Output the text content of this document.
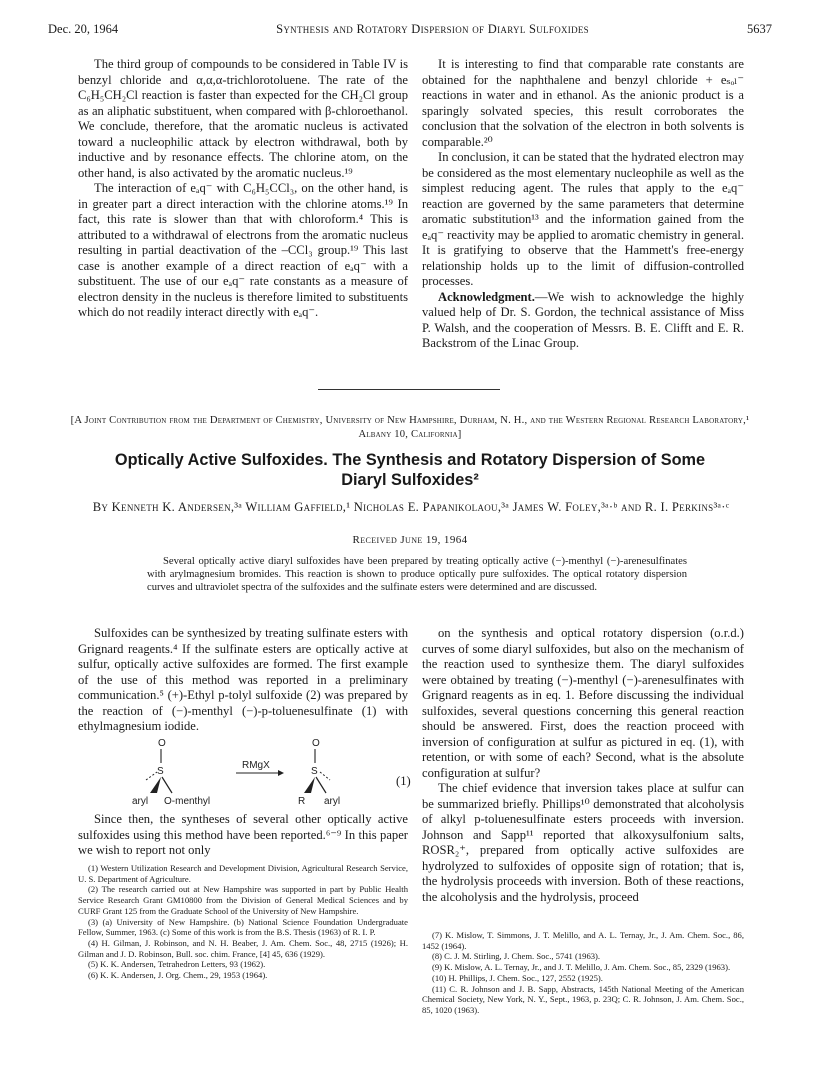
Dec. 20, 1964	Synthesis and Rotatory Dispersion of Diaryl Sulfoxides	5637

The third group of compounds to be considered in Table IV is benzyl chloride and α,α,α-trichlorotoluene. The rate of the C₆H₅CH₂Cl reaction is faster than expected for the CH₂Cl group as an aliphatic substituent, when compared with β-chloroethanol. We conclude, therefore, that the aromatic nucleus is activated toward a nucleophilic attack by electron withdrawal, both by inductive and by resonance effects. The chlorine atom, on the other hand, is also activated by the aromatic nucleus.¹⁹

The interaction of eₐq⁻ with C₆H₅CCl₃, on the other hand, is in greater part a direct interaction with the chlorine atoms.¹⁹ In fact, this rate is slower than that with chloroform.⁴ This is attributed to a withdrawal of electrons from the aromatic nucleus resulting in partial deactivation of the –CCl₃ group.¹⁹ This last case is another example of a direct reaction of eₐq⁻ with a substituent. The use of our eₐq⁻ rate constants as a measure of electron density in the nucleus is therefore limited to substituents which do not readily interact directly with eₐq⁻.

It is interesting to find that comparable rate constants are obtained for the naphthalene and benzyl chloride + eₛₒₗ⁻ reactions in water and in ethanol. As the anionic product is a sparingly solvated species, this result corroborates the conclusion that the solvation of the electron in both solvents is comparable.²⁰

In conclusion, it can be stated that the hydrated electron may be considered as the most elementary nucleophile as well as the simplest reducing agent. The rules that apply to the eₐq⁻ reaction are governed by the same parameters that determine aromatic substitution¹³ and the information gained from the eₐq⁻ reactivity may be applied to aromatic chemistry in general. It is gratifying to observe that the Hammett's free-energy relationship holds up to the limit of diffusion-controlled processes.

Acknowledgment.—We wish to acknowledge the highly valued help of Dr. S. Gordon, the technical assistance of Miss P. Walsh, and the cooperation of Messrs. B. E. Clifft and E. R. Backstrom of the Linac Group.

[A Joint Contribution from the Department of Chemistry, University of New Hampshire, Durham, N. H., and the Western Regional Research Laboratory,¹ Albany 10, California]
Optically Active Sulfoxides. The Synthesis and Rotatory Dispersion of Some Diaryl Sulfoxides²
By Kenneth K. Andersen,³ᵃ William Gaffield,¹ Nicholas E. Papanikolaou,³ᵃ James W. Foley,³ᵃ·ᵇ and R. I. Perkins³ᵃ·ᶜ
Received June 19, 1964
Several optically active diaryl sulfoxides have been prepared by treating optically active (−)-menthyl (−)-arenesulfinates with arylmagnesium bromides. This reaction is shown to produce optically pure sulfoxides. The optical rotatory dispersion curves and ultraviolet spectra of the sulfoxides and the sulfinate esters were determined and are discussed.

Sulfoxides can be synthesized by treating sulfinate esters with Grignard reagents.⁴ If the sulfinate esters are optically active at sulfur, optically active sulfoxides are formed. The first example of the use of this method was reported in a preliminary communication.⁵ (+)-Ethyl p-tolyl sulfoxide (2) was prepared by the reaction of (−)-menthyl (−)-p-toluenesulfinate (1) with ethylmagnesium iodide.

O
S
aryl O-menthyl
RMgX
O
S
R aryl
(1)

Since then, the syntheses of several other optically active sulfoxides using this method have been reported.⁶⁻⁹ In this paper we wish to report not only

on the synthesis and optical rotatory dispersion (o.r.d.) curves of some diaryl sulfoxides, but also on the mechanism of the reaction used to synthesize them. The diaryl sulfoxides were obtained by treating (−)-menthyl (−)-arenesulfinates with Grignard reagents as in eq. 1. Before discussing the individual sulfoxides, several questions concerning this general reaction should be answered. First, does the reaction proceed with inversion of configuration at sulfur as pictured in eq. (1), with retention, or with some of each? Second, what is the absolute configuration at sulfur?

The chief evidence that inversion takes place at sulfur can be summarized briefly. Phillips¹⁰ demonstrated that alcoholysis of alkyl p-toluenesulfinate esters proceeds with inversion. Johnson and Sapp¹¹ reported that alkoxysulfonium salts, ROSR₂⁺, prepared from optically active sulfoxides are hydrolyzed to sulfoxides of opposite sign of rotation; that is, the hydrolysis proceeds with inversion. Both of these reactions, the alcoholysis and the hydrolysis, proceed

(1) Western Utilization Research and Development Division, Agricultural Research Service, U. S. Department of Agriculture.

(2) The research carried out at New Hampshire was supported in part by Public Health Service Research Grant GM10800 from the Division of General Medical Sciences and by CURF Grant 125 from the Graduate School of the University of New Hampshire.

(3) (a) University of New Hampshire. (b) National Science Foundation Undergraduate Fellow, Summer, 1963. (c) Some of this work is from the B.S. Thesis (1963) of R. I. P.

(4) H. Gilman, J. Robinson, and N. H. Beaber, J. Am. Chem. Soc., 48, 2715 (1926); H. Gilman and J. D. Robinson, Bull. soc. chim. France, [4] 45, 636 (1929).

(5) K. K. Andersen, Tetrahedron Letters, 93 (1962).

(6) K. K. Andersen, J. Org. Chem., 29, 1953 (1964).

(7) K. Mislow, T. Simmons, J. T. Melillo, and A. L. Ternay, Jr., J. Am. Chem. Soc., 86, 1452 (1964).

(8) C. J. M. Stirling, J. Chem. Soc., 5741 (1963).

(9) K. Mislow, A. L. Ternay, Jr., and J. T. Melillo, J. Am. Chem. Soc., 85, 2329 (1963).

(10) H. Phillips, J. Chem. Soc., 127, 2552 (1925).

(11) C. R. Johnson and J. B. Sapp, Abstracts, 145th National Meeting of the American Chemical Society, New York, N. Y., Sept., 1963, p. 23Q; C. R. Johnson, J. Am. Chem. Soc., 85, 1020 (1963).
